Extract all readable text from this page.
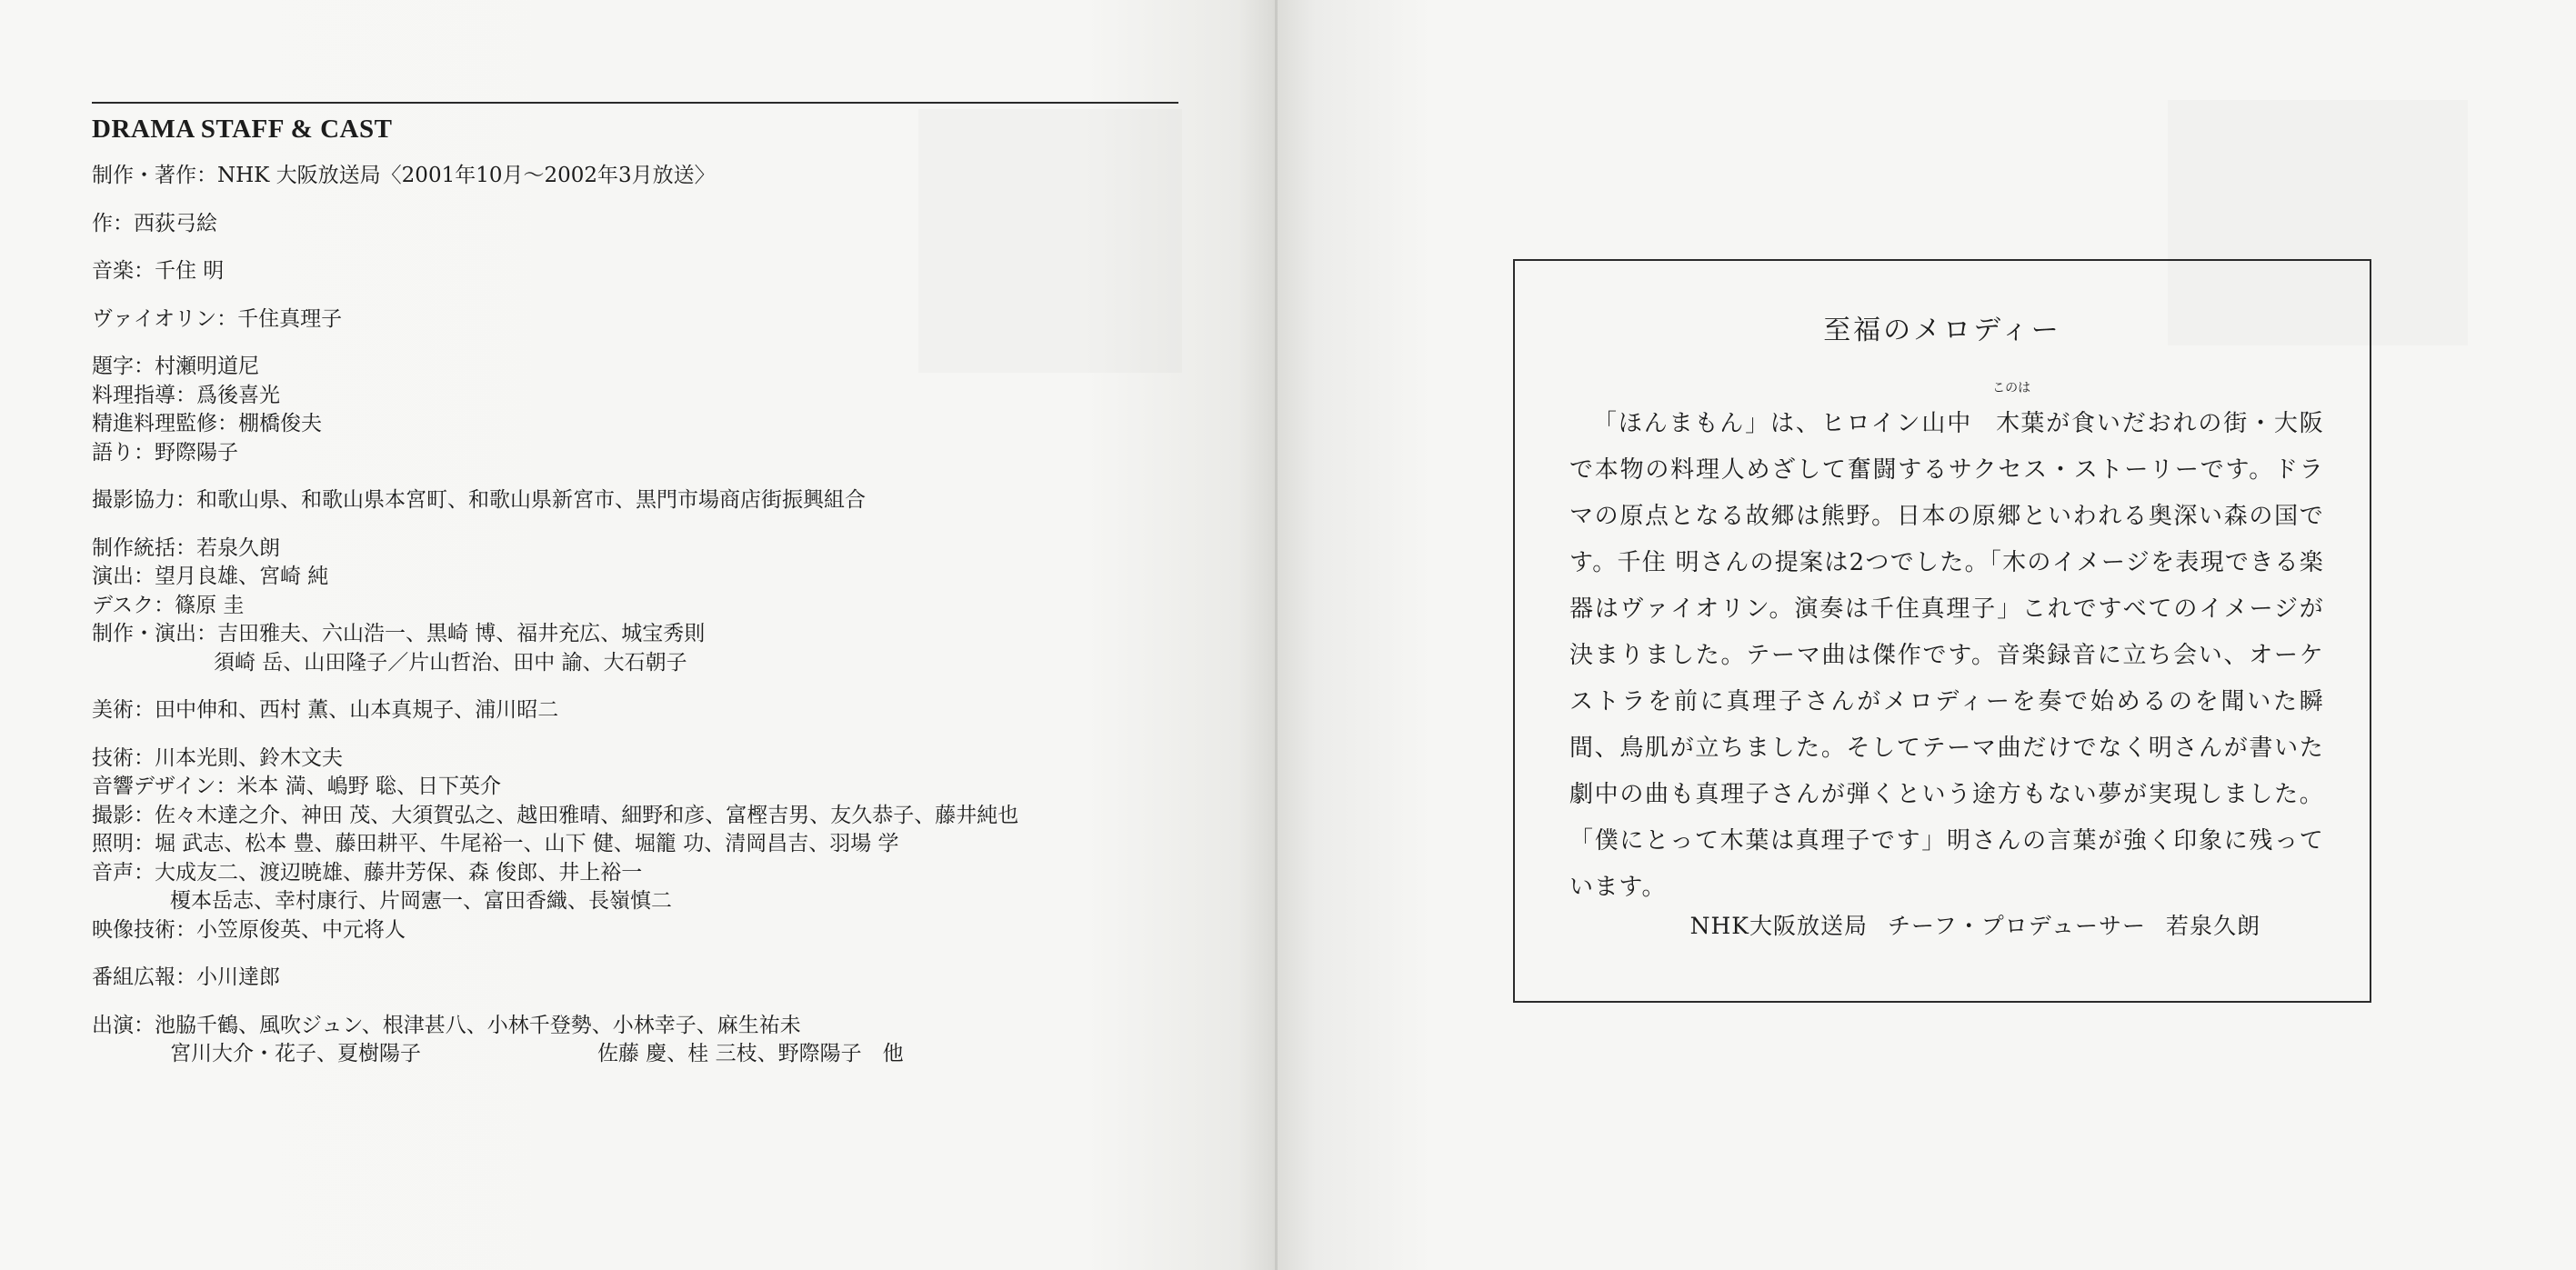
DRAMA STAFF & CAST
制作・著作：NHK 大阪放送局〈2001年10月～2002年3月放送〉
作：西荻弓絵
音楽：千住 明
ヴァイオリン：千住真理子
題字：村瀬明道尼
料理指導：爲後喜光
精進料理監修：棚橋俊夫
語り：野際陽子
撮影協力：和歌山県、和歌山県本宮町、和歌山県新宮市、黒門市場商店街振興組合
制作統括：若泉久朗
演出：望月良雄、宮崎 純
デスク：篠原 圭
制作・演出：吉田雅夫、六山浩一、黒崎 博、福井充広、城宝秀則
須崎 岳、山田隆子／片山哲治、田中 諭、大石朝子
美術：田中伸和、西村 薫、山本真規子、浦川昭二
技術：川本光則、鈴木文夫
音響デザイン：米本 満、嶋野 聡、日下英介
撮影：佐々木達之介、神田 茂、大須賀弘之、越田雅晴、細野和彦、富樫吉男、友久恭子、藤井純也
照明：堀 武志、松本 豊、藤田耕平、牛尾裕一、山下 健、堀籠 功、清岡昌吉、羽場 学
音声：大成友二、渡辺暁雄、藤井芳保、森 俊郎、井上裕一
榎本岳志、幸村康行、片岡憲一、富田香織、長嶺慎二
映像技術：小笠原俊英、中元将人
番組広報：小川達郎
出演：池脇千鶴、風吹ジュン、根津甚八、小林千登勢、小林幸子、麻生祐未
宮川大介・花子、夏樹陽子	佐藤 慶、桂 三枝、野際陽子　他
至福のメロディー

「ほんまもん」は、ヒロイン山中
このは
木葉が食いだおれの街・大阪で本物の料理人めざして奮闘するサクセス・ストーリーです。ドラマの原点となる故郷は熊野。日本の原郷といわれる奥深い森の国です。千住 明さんの提案は2つでした。「木のイメージを表現できる楽器はヴァイオリン。演奏は千住真理子」これですべてのイメージが決まりました。テーマ曲は傑作です。音楽録音に立ち会い、オーケストラを前に真理子さんがメロディーを奏で始めるのを聞いた瞬間、鳥肌が立ちました。そしてテーマ曲だけでなく明さんが書いた劇中の曲も真理子さんが弾くという途方もない夢が実現しました。「僕にとって木葉は真理子です」明さんの言葉が強く印象に残っています。

NHK大阪放送局 チーフ・プロデューサー 若泉久朗
